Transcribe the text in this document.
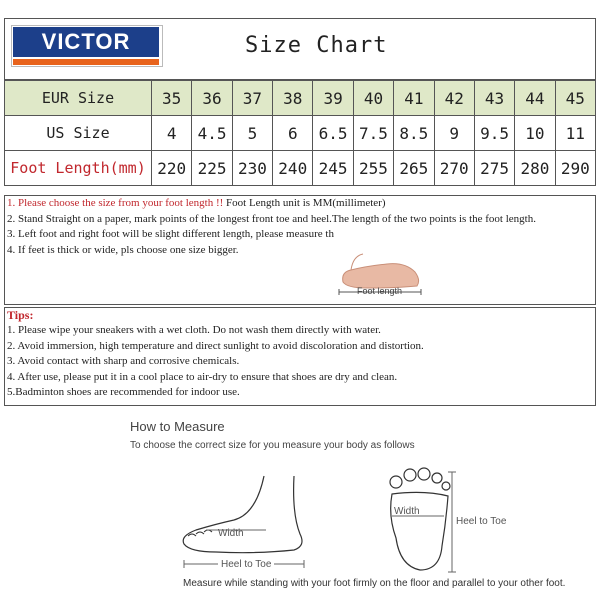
VICTOR	Size Chart
EUR Size	35	36	37	38	39	40	41	42	43	44	45
US Size	4	4.5	5	6	6.5	7.5	8.5	9	9.5	10	11
Foot Length(mm)	220	225	230	240	245	255	265	270	275	280	290
1. Please choose the size from your foot length !! Foot Length unit is MM(millimeter)
2. Stand Straight on a paper, mark points of the longest front toe and heel.The length of the two points is the foot length.
3. Left foot and right foot will be slight different length, please measure th
4. If feet is thick or wide, pls choose one size bigger.
Foot length
Tips:
1. Please wipe your sneakers with a wet cloth. Do not wash them directly with water.
2. Avoid immersion, high temperature and direct sunlight to avoid discoloration and distortion.
3. Avoid contact with sharp and corrosive chemicals.
4. After use, please put it in a cool place to air-dry to ensure that shoes are dry and clean.
5.Badminton shoes are recommended for indoor use.
How to Measure
To choose the correct size for you measure your body as follows
Width
Heel to Toe
Width
Heel to Toe
Measure while standing with your foot firmly on the floor and parallel to your other foot.
